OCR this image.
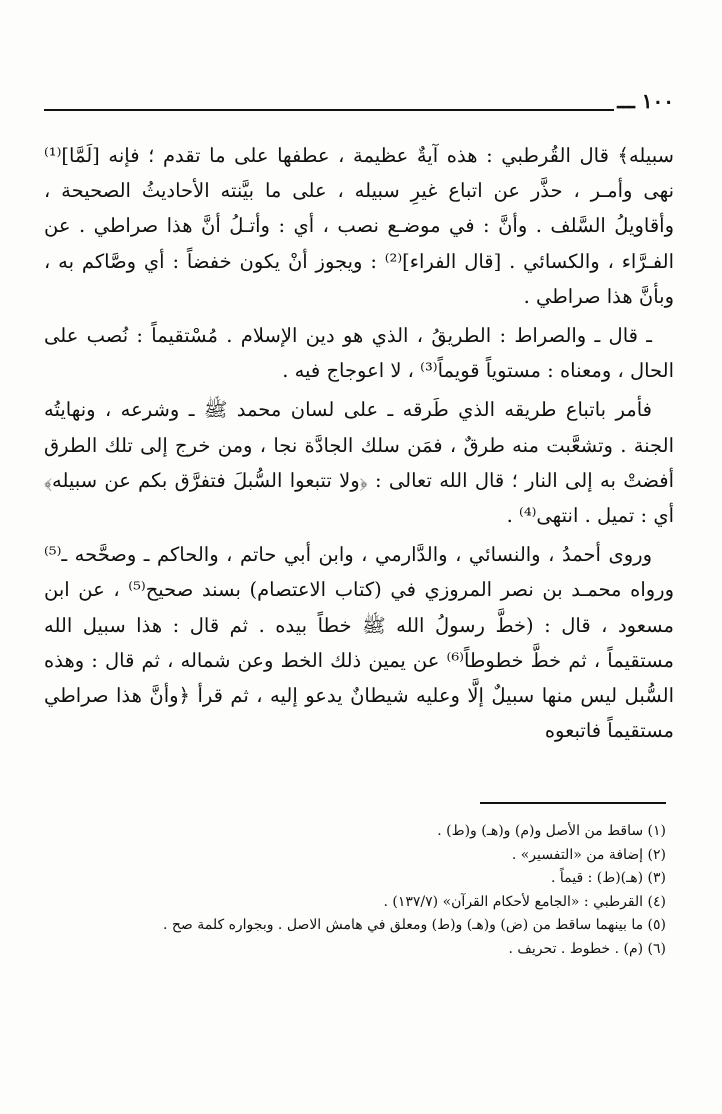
١٠٠ ـــ

سبيله﴾ قال القُرطبي : هذه آيةٌ عظيمة ، عطفها على ما تقدم ؛ فإنه [لَمَّا]⁽¹⁾ نهى وأمـر ، حذَّر عن اتباع غيرِ سبيله ، على ما بيَّنته الأحاديثُ الصحيحة ، وأقاويلُ السَّلف . وأنَّ : في موضـع نصب ، أي : وأتـلُ أنَّ هذا صراطي . عن الفـرَّاء ، والكسائي . [قال الفراء]⁽²⁾ : ويجوز أنْ يكون خفضاً : أي وصَّاكم به ، وبأنَّ هذا صراطي .

ـ قال ـ والصراط : الطريقُ ، الذي هو دين الإسلام . مُسْتقيماً : نُصب على الحال ، ومعناه : مستوياً قويماً⁽³⁾ ، لا اعوجاج فيه .

فأمر باتباع طريقه الذي طَرقه ـ على لسان محمد ﷺ ـ وشرعه ، ونهايتُه الجنة . وتشعَّبت منه طرقٌ ، فمَن سلك الجادَّة نجا ، ومن خرج إلى تلك الطرق أفضتْ به إلى النار ؛ قال الله تعالى : ﴿ولا تتبعوا السُّبلَ فتفرَّق بكم عن سبيله﴾ أي : تميل . انتهى⁽⁴⁾ .

وروى أحمدُ ، والنسائي ، والدَّارمي ، وابن أبي حاتم ، والحاكم ـ وصحَّحه ـ⁽⁵⁾ ورواه محمـد بن نصر المروزي في (كتاب الاعتصام) بسند صحيح⁽⁵⁾ ، عن ابن مسعود ، قال : (خطَّ رسولُ الله ﷺ خطاً بيده . ثم قال : هذا سبيل الله مستقيماً ، ثم خطَّ خطوطاً⁽⁶⁾ عن يمين ذلك الخط وعن شماله ، ثم قال : وهذه السُّبل ليس منها سبيلٌ إلَّا وعليه شيطانٌ يدعو إليه ، ثم قرأ ﴿وأنَّ هذا صراطي مستقيماً فاتبعوه

(١) ساقط من الأصل و(م) و(هـ) و(ط) .
(٢) إضافة من «التفسير» .
(٣) (هـ)(ط) : قيماً .
(٤) القرطبي : «الجامع لأحكام القرآن» (١٣٧/٧) .
(٥) ما بينهما ساقط من (ض) و(هـ) و(ط) ومعلق في هامش الاصل . وبجواره كلمة صح .
(٦) (م) . خطوط . تحريف .
